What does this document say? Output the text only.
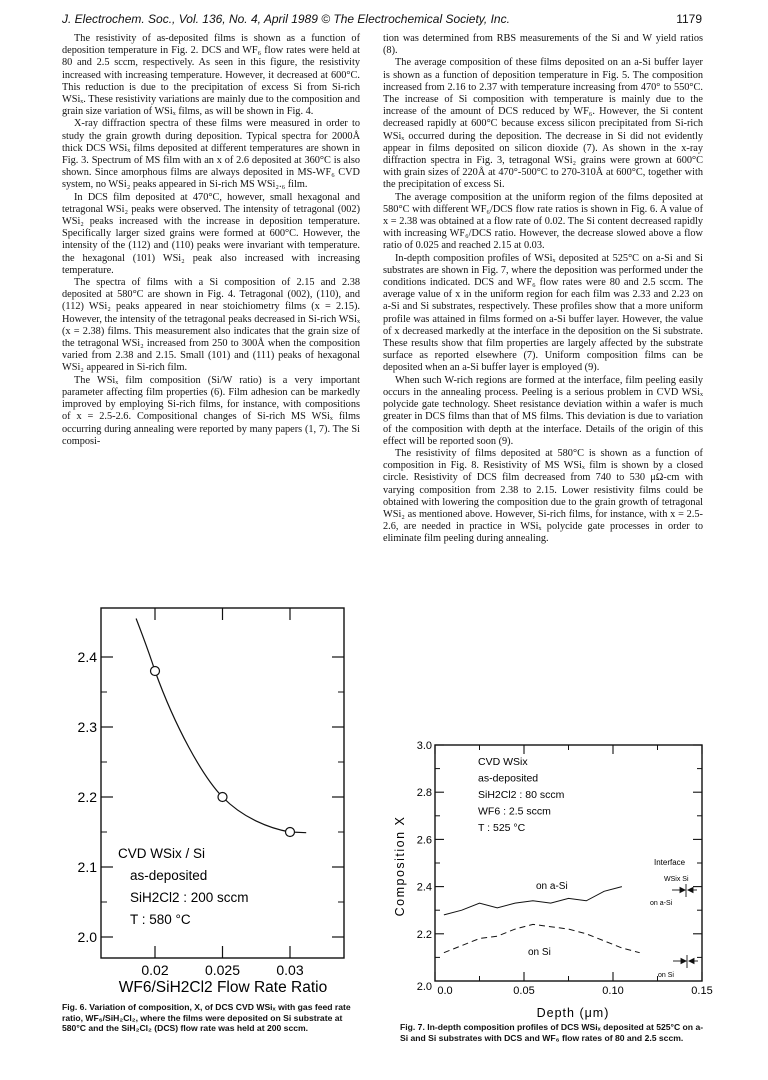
J. Electrochem. Soc., Vol. 136, No. 4, April 1989 © The Electrochemical Society, Inc.	1179

The resistivity of as-deposited films is shown as a function of deposition temperature in Fig. 2. DCS and WF₆ flow rates were held at 80 and 2.5 sccm, respectively. As seen in this figure, the resistivity increased with increasing temperature. However, it decreased at 600°C. This reduction is due to the precipitation of excess Si from Si-rich WSiₓ. These resistivity variations are mainly due to the composition and grain size variation of WSiₓ films, as will be shown in Fig. 4.

X-ray diffraction spectra of these films were measured in order to study the grain growth during deposition. Typical spectra for 2000Å thick DCS WSiₓ films deposited at different temperatures are shown in Fig. 3. Spectrum of MS film with an x of 2.6 deposited at 360°C is also shown. Since amorphous films are always deposited in MS-WF₆ CVD system, no WSi₂ peaks appeared in Si-rich MS WSi₂.₆ film.

In DCS film deposited at 470°C, however, small hexagonal and tetragonal WSi₂ peaks were observed. The intensity of tetragonal (002) WSi₂ peaks increased with the increase in deposition temperature. Specifically larger sized grains were formed at 600°C. However, the intensity of the (112) and (110) peaks were invariant with temperature. the hexagonal (101) WSi₂ peak also increased with increasing temperature.

The spectra of films with a Si composition of 2.15 and 2.38 deposited at 580°C are shown in Fig. 4. Tetragonal (002), (110), and (112) WSi₂ peaks appeared in near stoichiometry films (x = 2.15). However, the intensity of the tetragonal peaks decreased in Si-rich WSiₓ (x = 2.38) films. This measurement also indicates that the grain size of the tetragonal WSi₂ increased from 250 to 300Å when the composition varied from 2.38 and 2.15. Small (101) and (111) peaks of hexagonal WSi₂ appeared in Si-rich film.

The WSiₓ film composition (Si/W ratio) is a very important parameter affecting film properties (6). Film adhesion can be markedly improved by employing Si-rich films, for instance, with compositions of x = 2.5-2.6. Compositional changes of Si-rich MS WSiₓ films occurring during annealing were reported by many papers (1, 7). The Si composi-

tion was determined from RBS measurements of the Si and W yield ratios (8).

The average composition of these films deposited on an a-Si buffer layer is shown as a function of deposition temperature in Fig. 5. The composition increased from 2.16 to 2.37 with temperature increasing from 470° to 550°C. The increase of Si composition with temperature is mainly due to the increase of the amount of DCS reduced by WF₆. However, the Si content decreased rapidly at 600°C because excess silicon precipitated from Si-rich WSiₓ occurred during the deposition. The decrease in Si did not evidently appear in films deposited on silicon dioxide (7). As shown in the x-ray diffraction spectra in Fig. 3, tetragonal WSi₂ grains were grown at 600°C with grain sizes of 220Å at 470°-500°C to 270-310Å at 600°C, together with the precipitation of excess Si.

The average composition at the uniform region of the films deposited at 580°C with different WF₆/DCS flow rate ratios is shown in Fig. 6. A value of x = 2.38 was obtained at a flow rate of 0.02. The Si content decreased rapidly with increasing WF₆/DCS ratio. However, the decrease slowed above a flow ratio of 0.025 and reached 2.15 at 0.03.

In-depth composition profiles of WSiₓ deposited at 525°C on a-Si and Si substrates are shown in Fig. 7, where the deposition was performed under the conditions indicated. DCS and WF₆ flow rates were 80 and 2.5 sccm. The average value of x in the uniform region for each film was 2.33 and 2.23 on a-Si and Si substrates, respectively. These profiles show that a more uniform profile was attained in films formed on a-Si buffer layer. However, the value of x decreased markedly at the interface in the deposition on the Si substrate. These results show that film properties are largely affected by the substrate surface as reported elsewhere (7). Uniform composition films can be deposited when an a-Si buffer layer is employed (9).

When such W-rich regions are formed at the interface, film peeling easily occurs in the annealing process. Peeling is a serious problem in CVD WSiₓ polycide gate technology. Sheet resistance deviation within a wafer is much greater in DCS films than that of MS films. This deviation is due to variation of the composition with depth at the interface. Details of the origin of this effect will be reported soon (9).

The resistivity of films deposited at 580°C is shown as a function of composition in Fig. 8. Resistivity of MS WSiₓ film is shown by a closed circle. Resistivity of DCS film decreased from 740 to 530 μΩ-cm with varying composition from 2.38 to 2.15. Lower resistivity films could be obtained with lowering the composition due to the grain growth of tetragonal WSi₂ as mentioned above. However, Si-rich films, for instance, with x = 2.5-2.6, are needed in practice in WSiₓ polycide gate processes in order to eliminate film peeling during annealing.

2.0
2.1
2.2
2.3
2.4
0.02	0.025	0.03
CVD WSix / Si
as-deposited
SiH2Cl2 : 200 sccm
T : 580 °C
WF6/SiH2Cl2 Flow Rate Ratio
Fig. 6. Variation of composition, X, of DCS CVD WSiₓ with gas feed rate ratio, WF₆/SiH₂Cl₂, where the films were deposited on Si substrate at 580°C and the SiH₂Cl₂ (DCS) flow rate was held at 200 sccm.
2.2
2.4
2.6
2.8
3.0
2.0 0.0	0.05	0.10	0.15
Composition X
Depth (μm)
CVD WSix
as-deposited
SiH2Cl2 : 80 sccm
WF6 : 2.5 sccm
T : 525 °C
on a-Si
on Si
Interface
WSix Si
on a-Si
on Si
Fig. 7. In-depth composition profiles of DCS WSiₓ deposited at 525°C on a-Si and Si substrates with DCS and WF₆ flow rates of 80 and 2.5 sccm.
